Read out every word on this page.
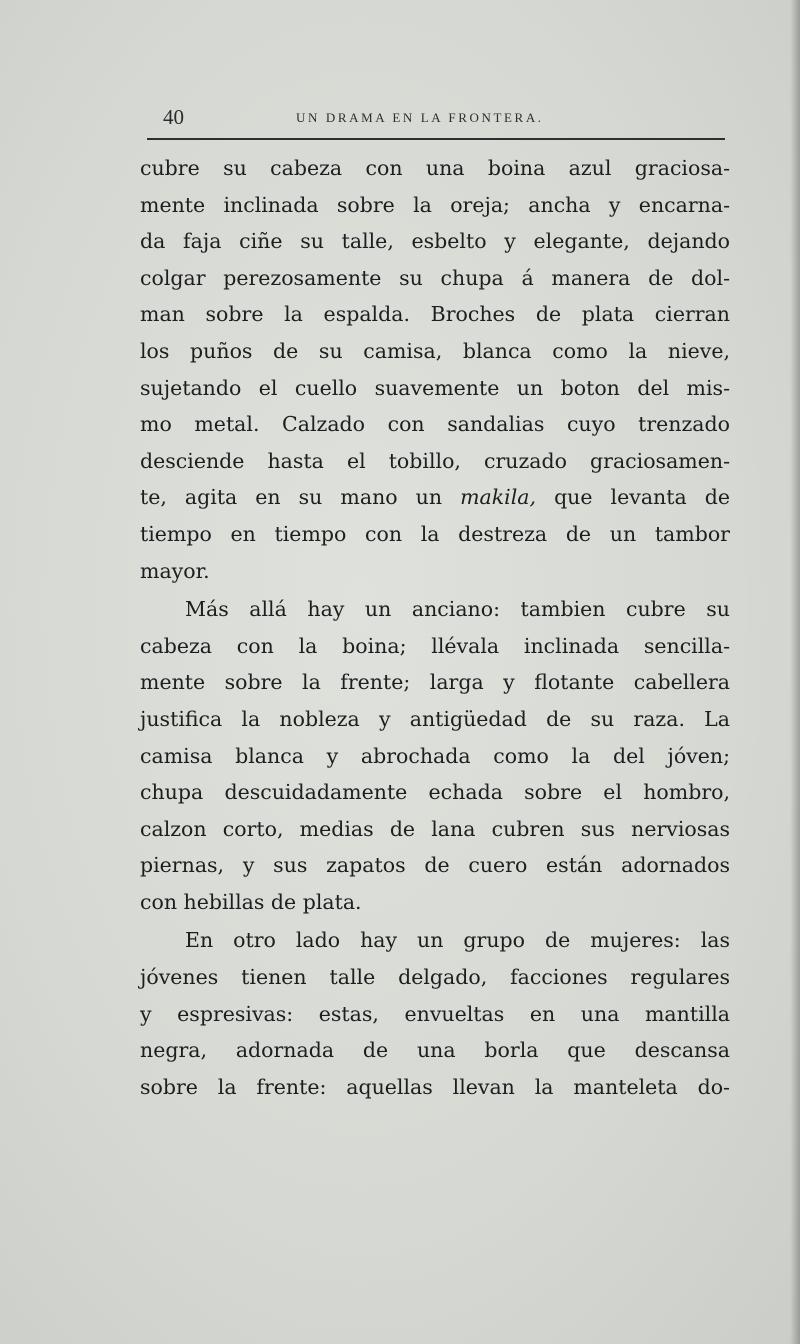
40	UN DRAMA EN LA FRONTERA.
cubre su cabeza con una boina azul graciosa-
mente inclinada sobre la oreja; ancha y encarna-
da faja ciñe su talle, esbelto y elegante, dejando
colgar perezosamente su chupa á manera de dol-
man sobre la espalda. Broches de plata cierran
los puños de su camisa, blanca como la nieve,
sujetando el cuello suavemente un boton del mis-
mo metal. Calzado con sandalias cuyo trenzado
desciende hasta el tobillo, cruzado graciosamen-
te, agita en su mano un makila, que levanta de
tiempo en tiempo con la destreza de un tambor
mayor.
Más allá hay un anciano: tambien cubre su
cabeza con la boina; llévala inclinada sencilla-
mente sobre la frente; larga y flotante cabellera
justifica la nobleza y antigüedad de su raza. La
camisa blanca y abrochada como la del jóven;
chupa descuidadamente echada sobre el hombro,
calzon corto, medias de lana cubren sus nerviosas
piernas, y sus zapatos de cuero están adornados
con hebillas de plata.
En otro lado hay un grupo de mujeres: las
jóvenes tienen talle delgado, facciones regulares
y espresivas: estas, envueltas en una mantilla
negra, adornada de una borla que descansa
sobre la frente: aquellas llevan la manteleta do-
